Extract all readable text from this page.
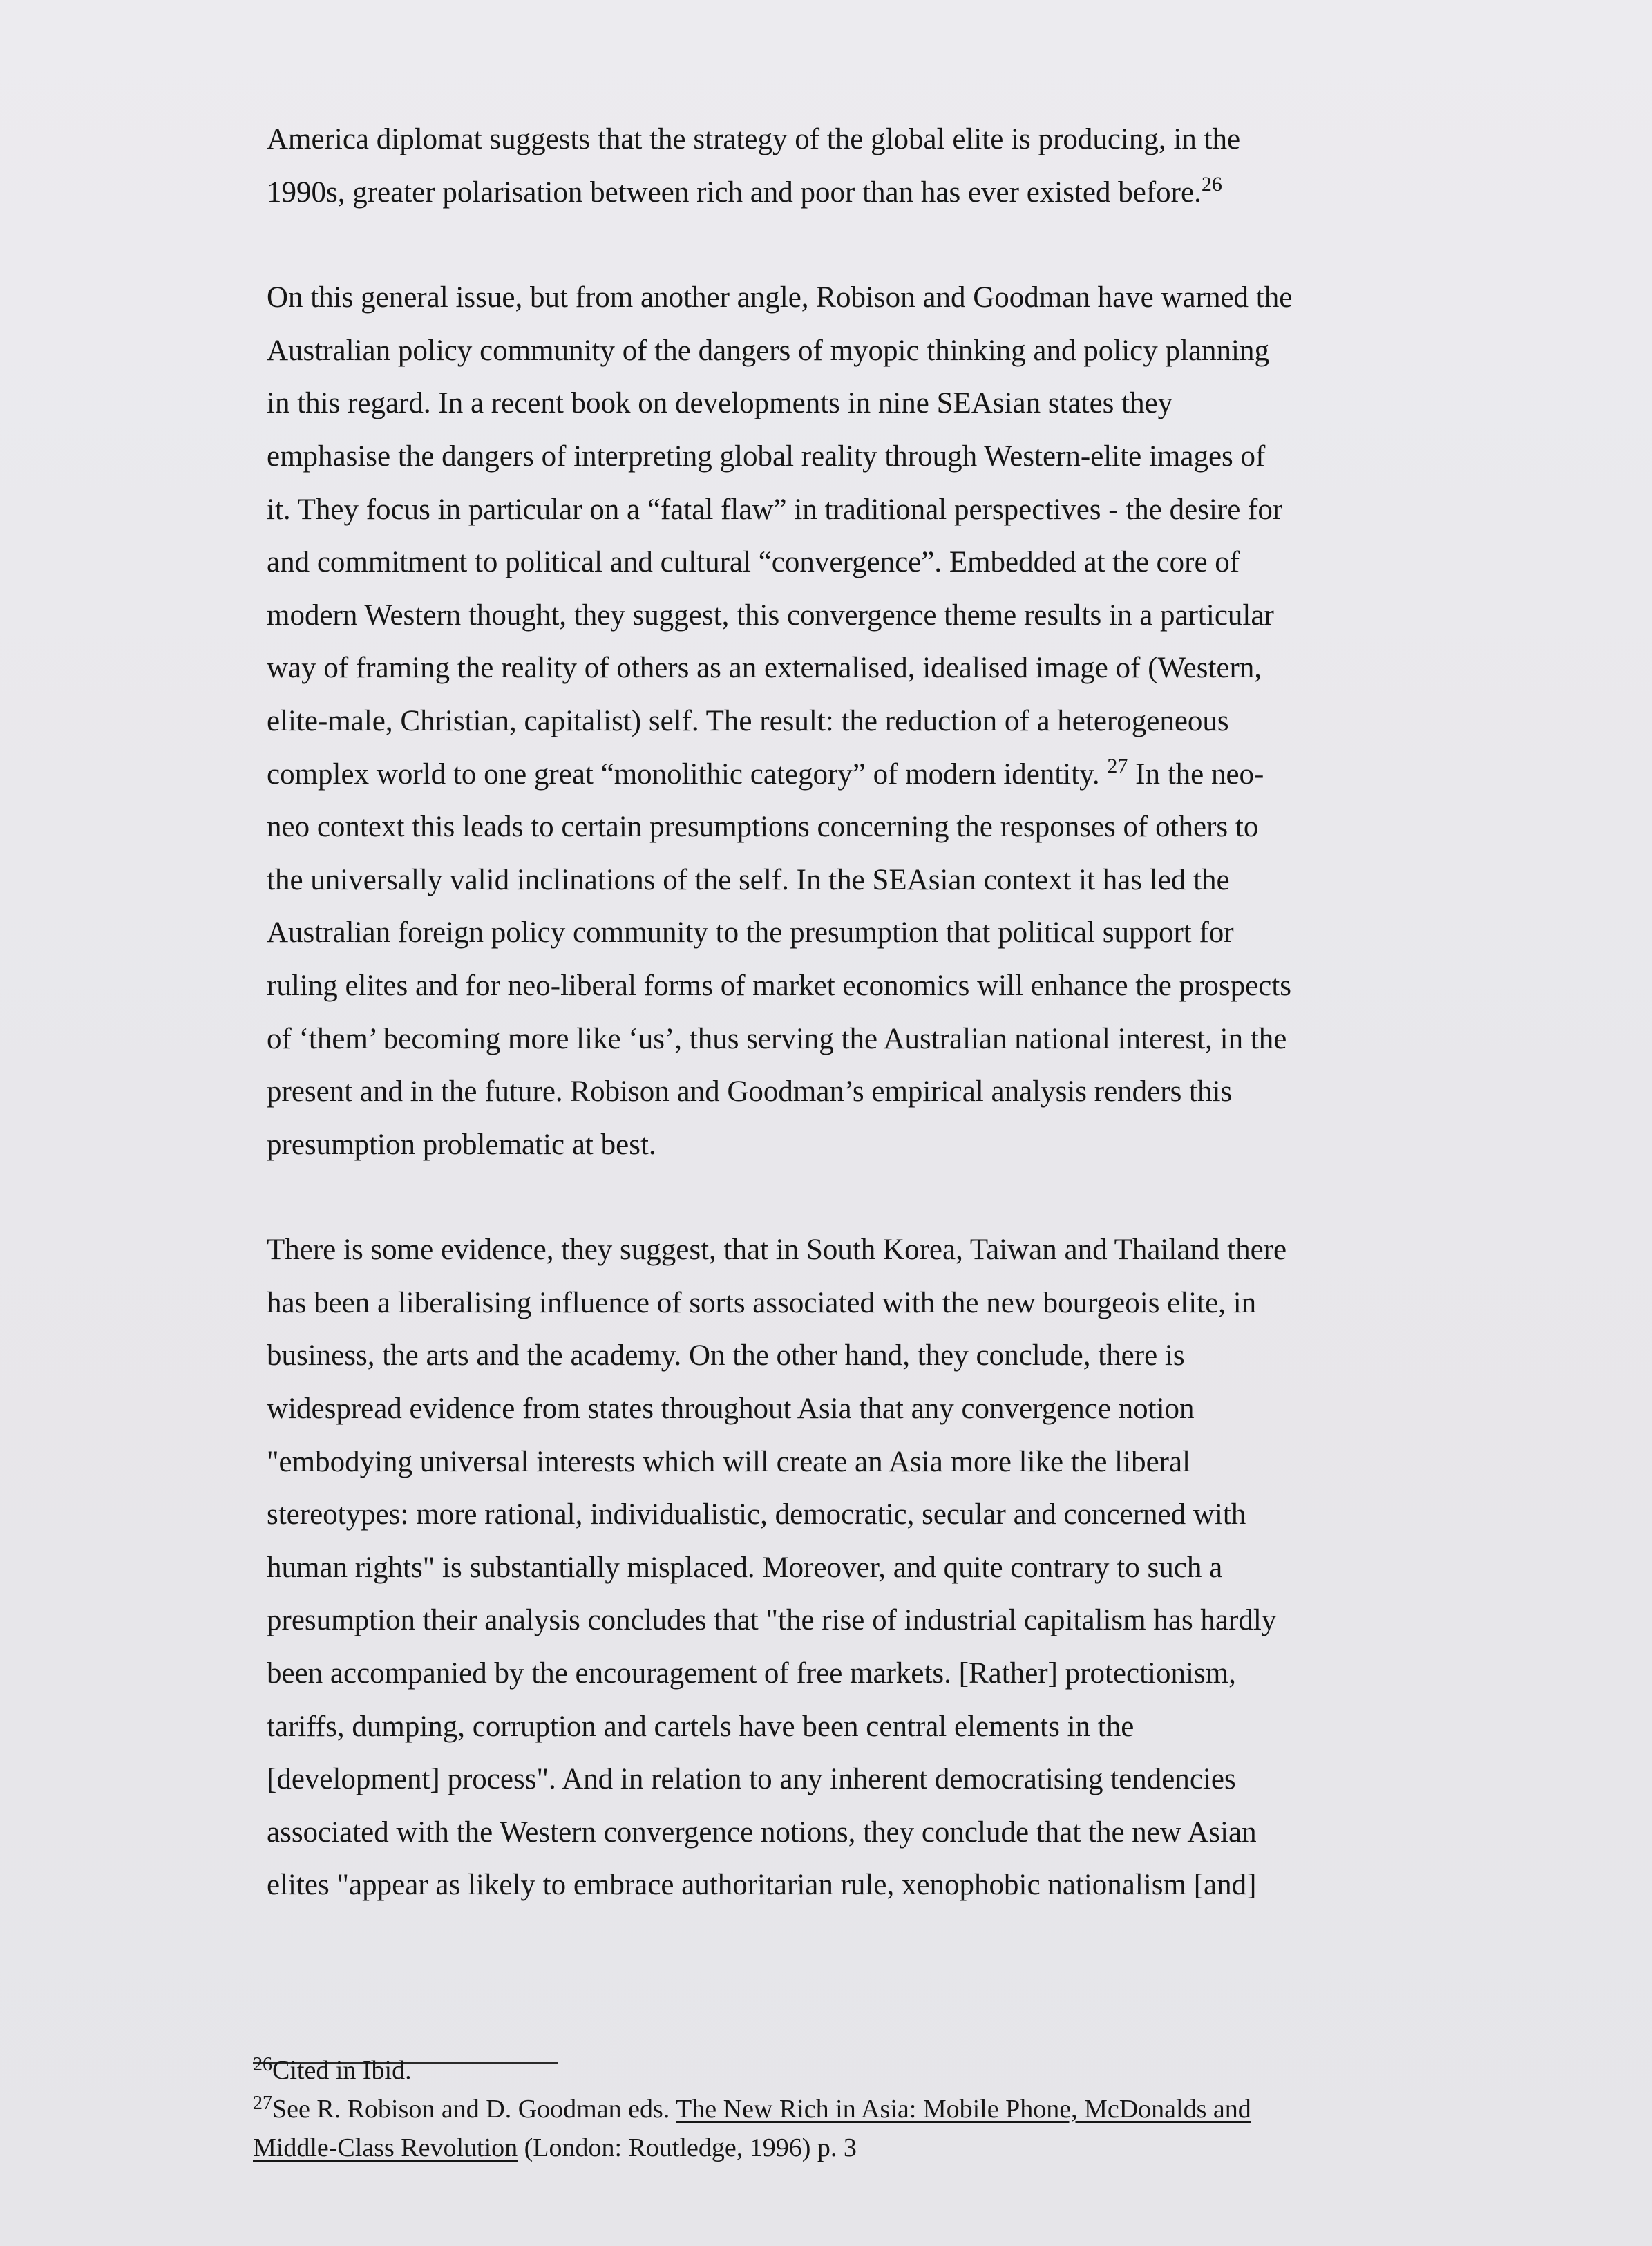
America diplomat suggests that the strategy of the global elite is producing, in the
1990s, greater polarisation between rich and poor than has ever existed before.$^{26}$

On this general issue, but from another angle, Robison and Goodman have warned the
Australian policy community of the dangers of myopic thinking and policy planning
in this regard. In a recent book on developments in nine SEAsian states they
emphasise the dangers of interpreting global reality through Western-elite images of
it. They focus in particular on a “fatal flaw” in traditional perspectives - the desire for
and commitment to political and cultural “convergence”. Embedded at the core of
modern Western thought, they suggest, this convergence theme results in a particular
way of framing the reality of others as an externalised, idealised image of (Western,
elite-male, Christian, capitalist) self. The result: the reduction of a heterogeneous
complex world to one great “monolithic category” of modern identity. $^{27}$ In the neo-
neo context this leads to certain presumptions concerning the responses of others to
the universally valid inclinations of the self. In the SEAsian context it has led the
Australian foreign policy community to the presumption that political support for
ruling elites and for neo-liberal forms of market economics will enhance the prospects
of ‘them’ becoming more like ‘us’, thus serving the Australian national interest, in the
present and in the future. Robison and Goodman’s empirical analysis renders this
presumption problematic at best.

There is some evidence, they suggest, that in South Korea, Taiwan and Thailand there
has been a liberalising influence of sorts associated with the new bourgeois elite, in
business, the arts and the academy. On the other hand, they conclude, there is
widespread evidence from states throughout Asia that any convergence notion
"embodying universal interests which will create an Asia more like the liberal
stereotypes: more rational, individualistic, democratic, secular and concerned with
human rights" is substantially misplaced. Moreover, and quite contrary to such a
presumption their analysis concludes that "the rise of industrial capitalism has hardly
been accompanied by the encouragement of free markets. [Rather] protectionism,
tariffs, dumping, corruption and cartels have been central elements in the
[development] process". And in relation to any inherent democratising tendencies
associated with the Western convergence notions, they conclude that the new Asian
elites "appear as likely to embrace authoritarian rule, xenophobic nationalism [and]

$^{26}$Cited in Ibid.
$^{27}$See R. Robison and D. Goodman eds. The New Rich in Asia: Mobile Phone, McDonalds and
Middle-Class Revolution (London: Routledge, 1996) p. 3
